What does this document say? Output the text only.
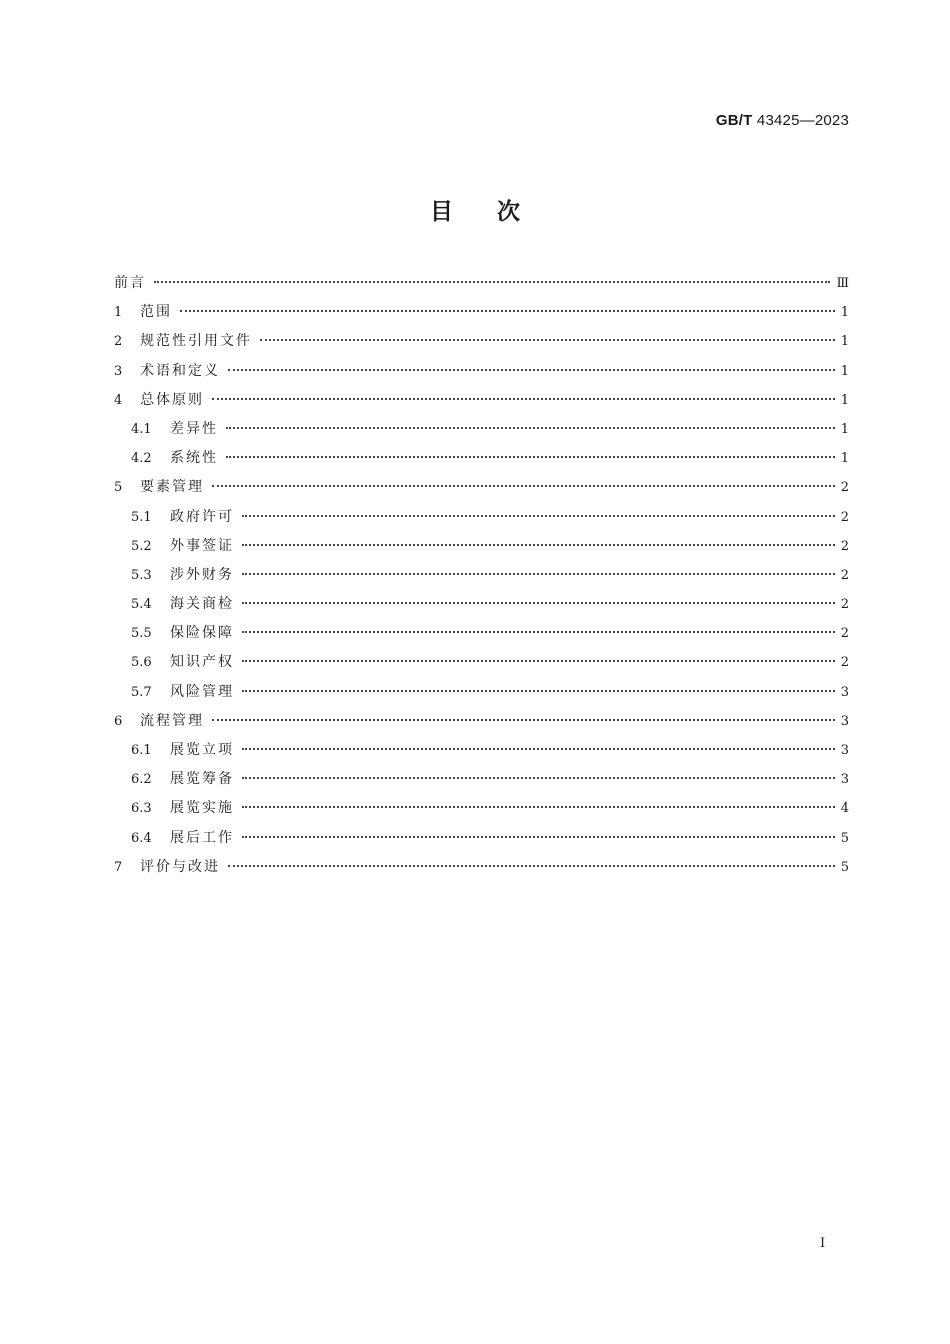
GB/T 43425—2023
目次
前言	Ⅲ
1	范围	1
2	规范性引用文件	1
3	术语和定义	1
4	总体原则	1
4.1	差异性	1
4.2	系统性	1
5	要素管理	2
5.1	政府许可	2
5.2	外事签证	2
5.3	涉外财务	2
5.4	海关商检	2
5.5	保险保障	2
5.6	知识产权	2
5.7	风险管理	3
6	流程管理	3
6.1	展览立项	3
6.2	展览筹备	3
6.3	展览实施	4
6.4	展后工作	5
7	评价与改进	5
I
